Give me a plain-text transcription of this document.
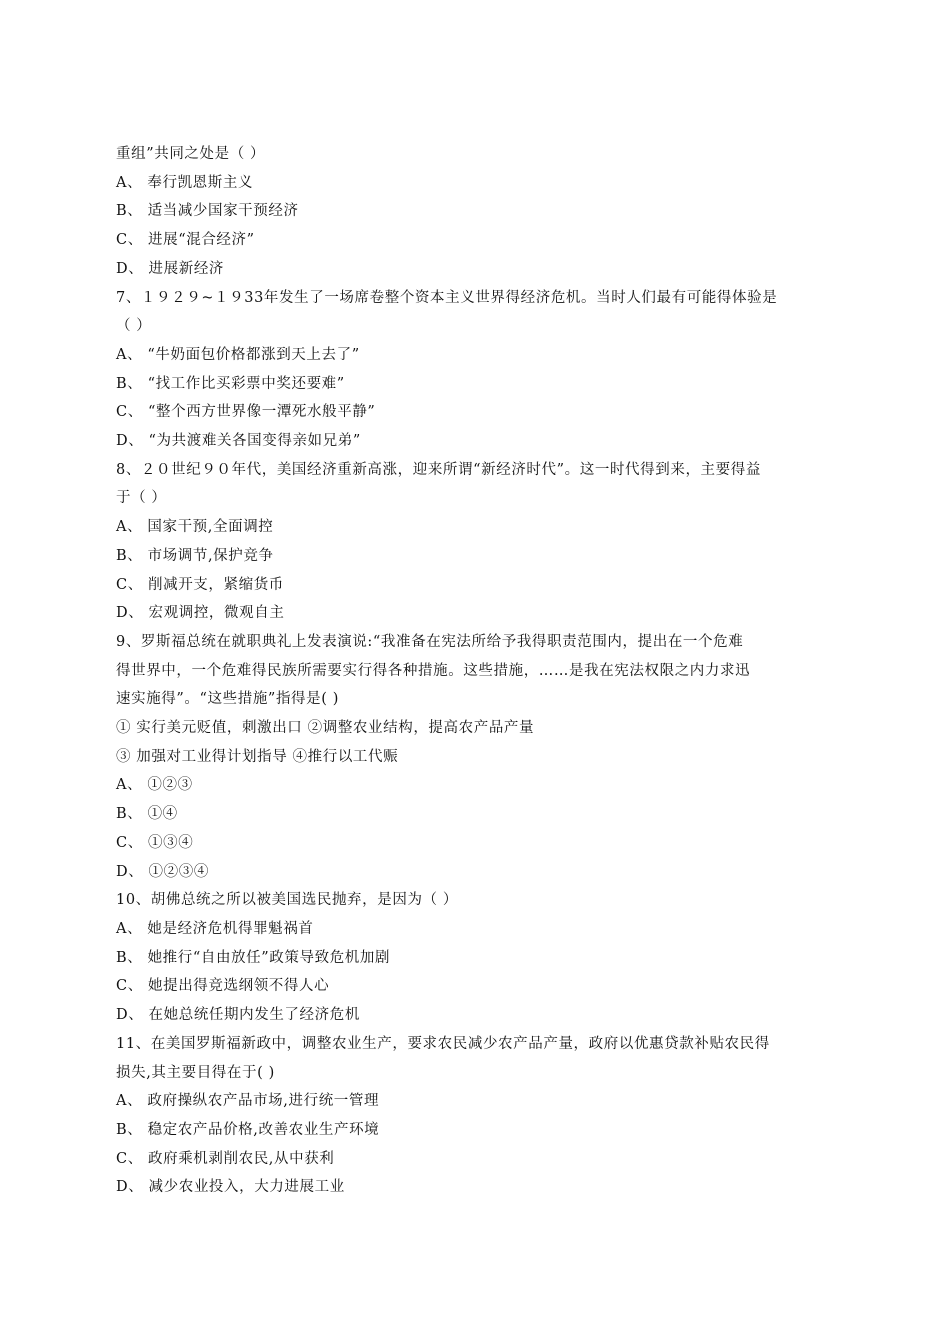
重组”共同之处是（ ）
A、 奉行凯恩斯主义
B、 适当减少国家干预经济
C、 进展“混合经济”
D、 进展新经济
7、１９２９~１９33年发生了一场席卷整个资本主义世界得经济危机。当时人们最有可能得体验是
（ ）
A、 “牛奶面包价格都涨到天上去了”
B、 “找工作比买彩票中奖还要难”
C、 “整个西方世界像一潭死水般平静”
D、 “为共渡难关各国变得亲如兄弟”
8、２０世纪９０年代，美国经济重新高涨，迎来所谓“新经济时代”。这一时代得到来，主要得益
于（ ）
A、 国家干预,全面调控
B、 市场调节,保护竞争
C、 削减开支，紧缩货币
D、 宏观调控，微观自主
9、罗斯福总统在就职典礼上发表演说:“我准备在宪法所给予我得职责范围内，提出在一个危难
得世界中，一个危难得民族所需要实行得各种措施。这些措施，……是我在宪法权限之内力求迅
速实施得”。“这些措施”指得是( )
① 实行美元贬值，刺激出口 ②调整农业结构，提高农产品产量
③ 加强对工业得计划指导 ④推行以工代赈
A、 ①②③
B、 ①④
C、 ①③④
D、 ①②③④
10、胡佛总统之所以被美国选民抛弃，是因为（ ）
A、 她是经济危机得罪魁祸首
B、 她推行“自由放任”政策导致危机加剧
C、 她提出得竞选纲领不得人心
D、 在她总统任期内发生了经济危机
11、在美国罗斯福新政中，调整农业生产，要求农民减少农产品产量，政府以优惠贷款补贴农民得
损失,其主要目得在于( )
A、 政府操纵农产品市场,进行统一管理
B、 稳定农产品价格,改善农业生产环境
C、 政府乘机剥削农民,从中获利
D、 减少农业投入，大力进展工业
